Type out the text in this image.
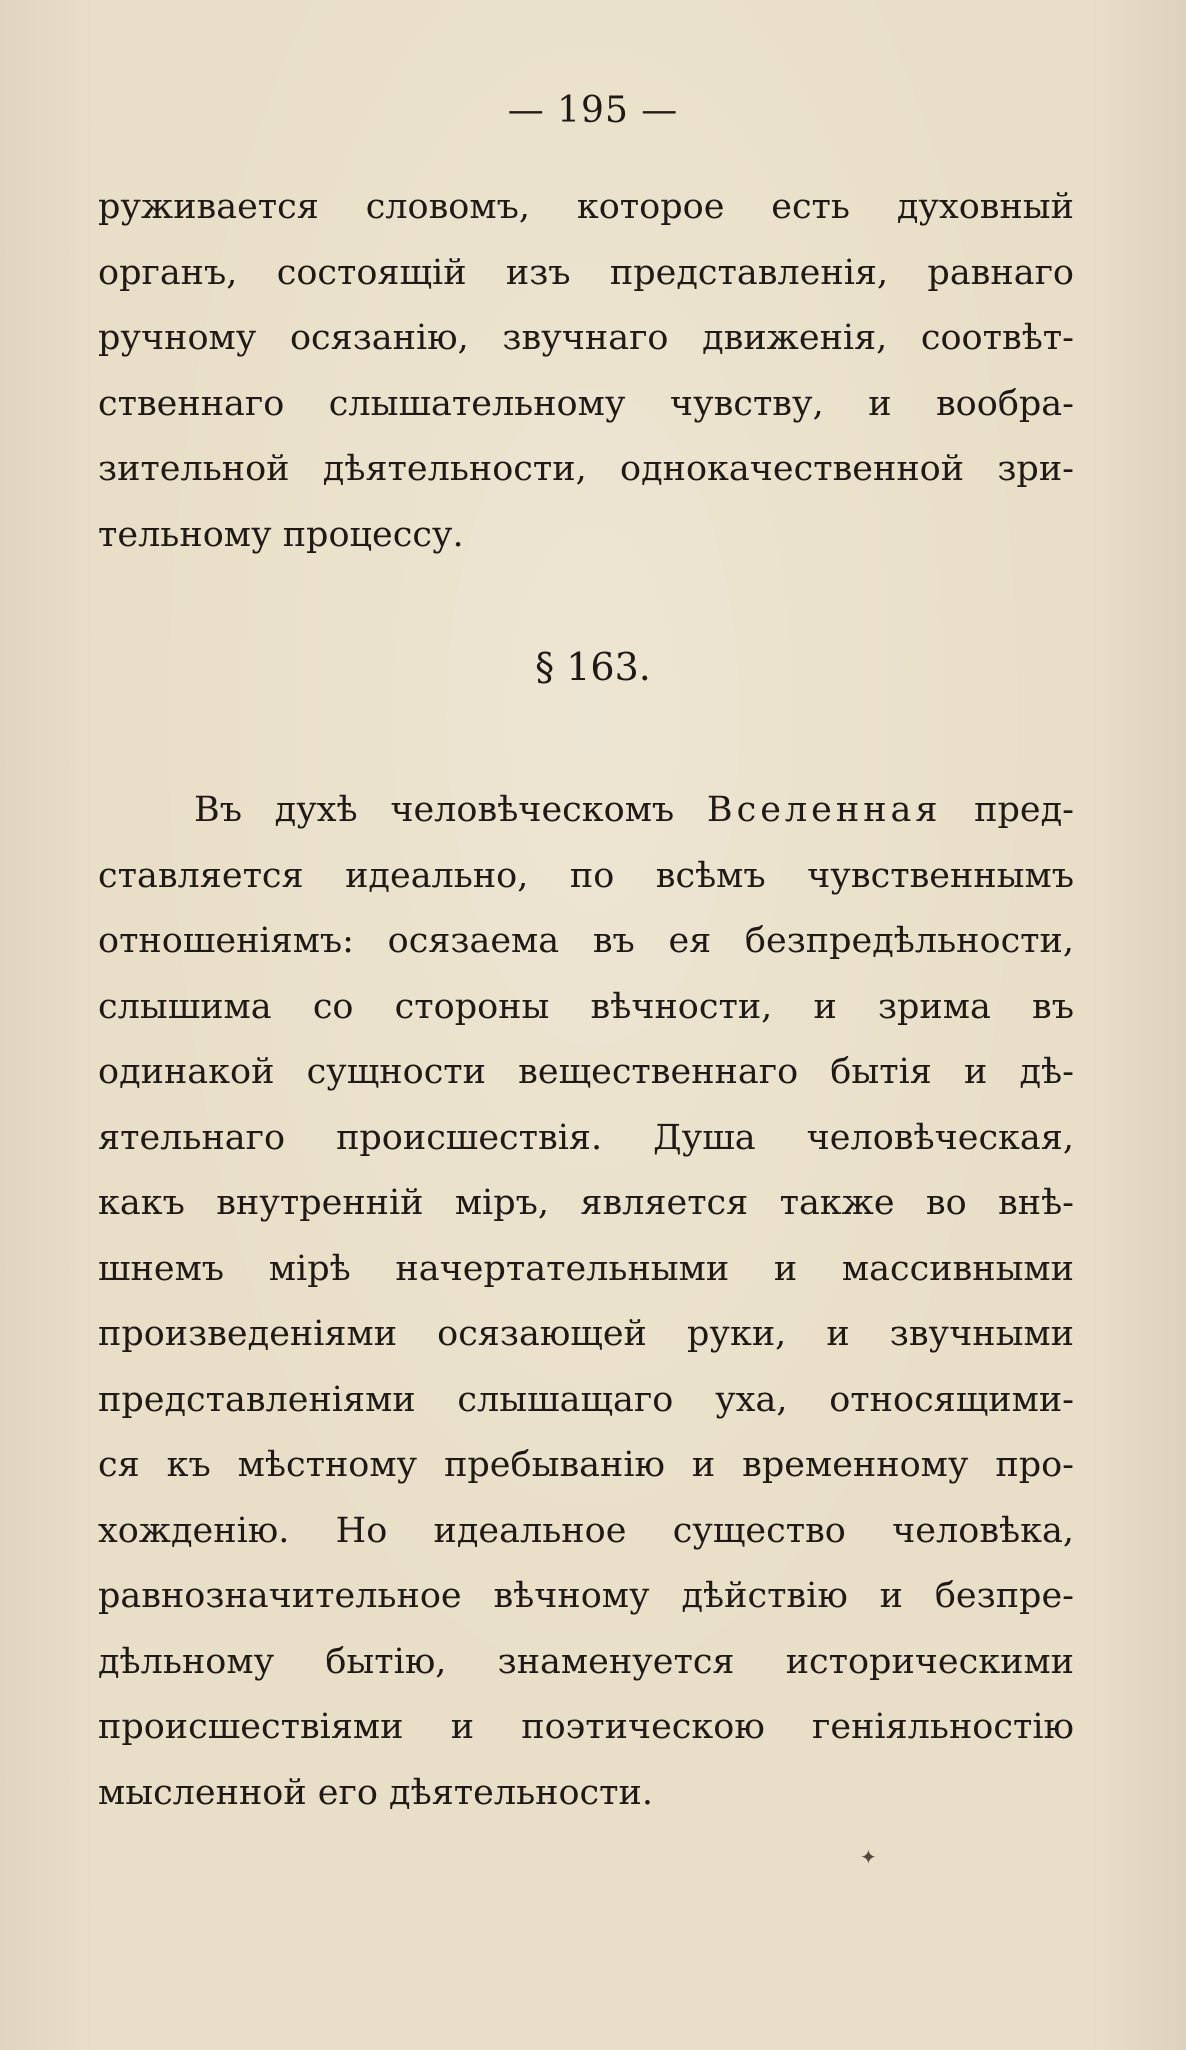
— 195 —
руживается словомъ, которое есть духовный
органъ, состоящій изъ представленія, равнаго
ручному осязанію, звучнаго движенія, соотвѣт-
ственнаго слышательному чувству, и вообра-
зительной дѣятельности, однокачественной зри-
тельному процессу.
§ 163.
Въ духѣ человѣческомъ Вселенная пред-
ставляется идеально, по всѣмъ чувственнымъ
отношеніямъ: осязаема въ ея безпредѣльности,
слышима со стороны вѣчности, и зрима въ
одинакой сущности вещественнаго бытія и дѣ-
ятельнаго происшествія. Душа человѣческая,
какъ внутренній міръ, является также во внѣ-
шнемъ мірѣ начертательными и массивными
произведеніями осязающей руки, и звучными
представленіями слышащаго уха, относящими-
ся къ мѣстному пребыванію и временному про-
хожденію. Но идеальное существо человѣка,
равнозначительное вѣчному дѣйствію и безпре-
дѣльному бытію, знаменуется историческими
происшествіями и поэтическою геніяльностію
мысленной его дѣятельности.
✦
